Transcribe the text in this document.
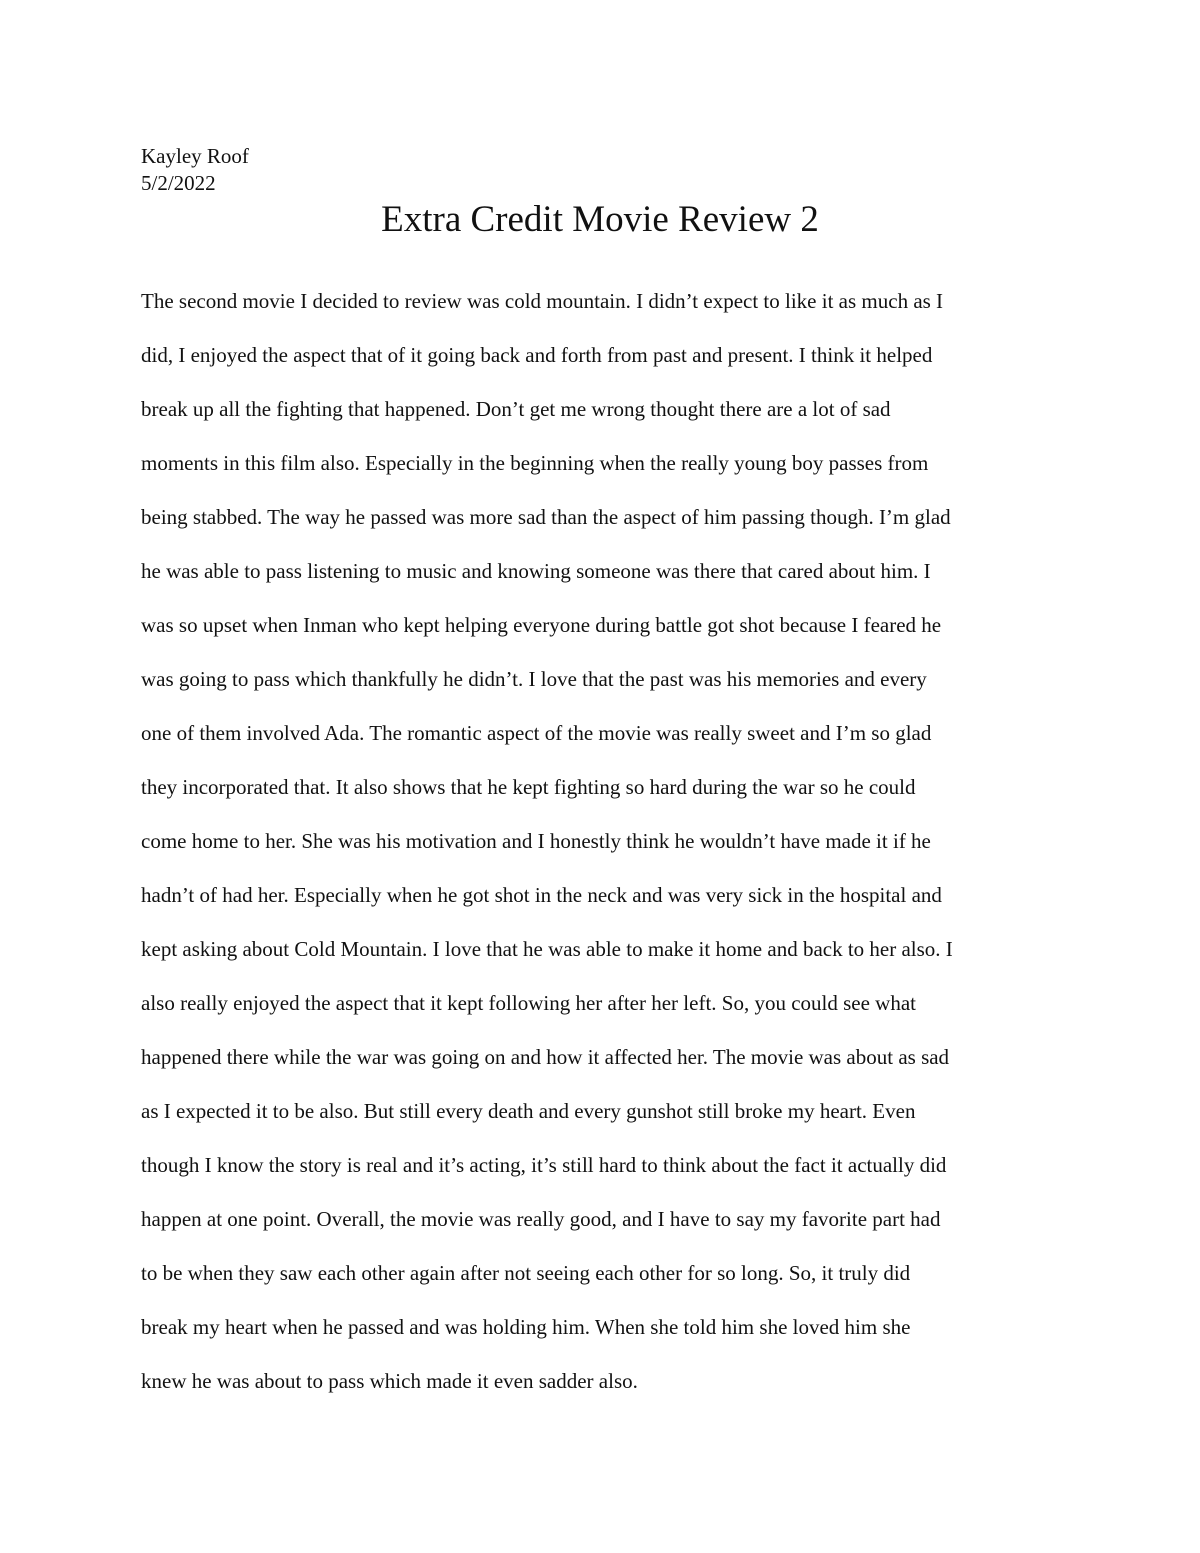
Kayley Roof
5/2/2022
Extra Credit Movie Review 2
The second movie I decided to review was cold mountain. I didn’t expect to like it as much as I
did, I enjoyed the aspect that of it going back and forth from past and present. I think it helped
break up all the fighting that happened. Don’t get me wrong thought there are a lot of sad
moments in this film also. Especially in the beginning when the really young boy passes from
being stabbed. The way he passed was more sad than the aspect of him passing though. I’m glad
he was able to pass listening to music and knowing someone was there that cared about him. I
was so upset when Inman who kept helping everyone during battle got shot because I feared he
was going to pass which thankfully he didn’t. I love that the past was his memories and every
one of them involved Ada. The romantic aspect of the movie was really sweet and I’m so glad
they incorporated that. It also shows that he kept fighting so hard during the war so he could
come home to her. She was his motivation and I honestly think he wouldn’t have made it if he
hadn’t of had her. Especially when he got shot in the neck and was very sick in the hospital and
kept asking about Cold Mountain. I love that he was able to make it home and back to her also. I
also really enjoyed the aspect that it kept following her after her left. So, you could see what
happened there while the war was going on and how it affected her. The movie was about as sad
as I expected it to be also. But still every death and every gunshot still broke my heart. Even
though I know the story is real and it’s acting, it’s still hard to think about the fact it actually did
happen at one point. Overall, the movie was really good, and I have to say my favorite part had
to be when they saw each other again after not seeing each other for so long. So, it truly did
break my heart when he passed and was holding him. When she told him she loved him she
knew he was about to pass which made it even sadder also.
